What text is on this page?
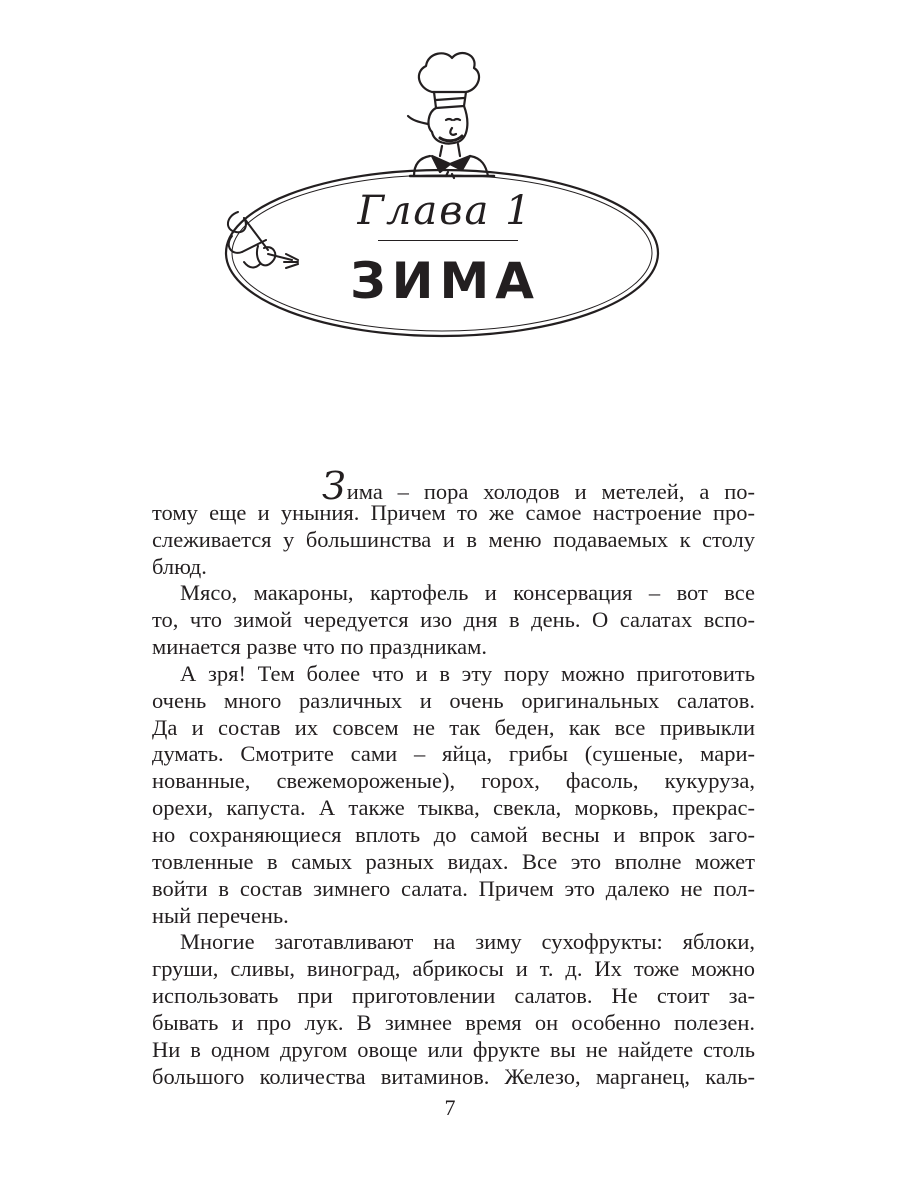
Глава 1
ЗИМА
Зима – пора холодов и метелей, а по-
тому еще и уныния. Причем то же самое настроение про-
слеживается у большинства и в меню подаваемых к столу
блюд.
Мясо, макароны, картофель и консервация – вот все
то, что зимой чередуется изо дня в день. О салатах вспо-
минается разве что по праздникам.
А зря! Тем более что и в эту пору можно приготовить
очень много различных и очень оригинальных салатов.
Да и состав их совсем не так беден, как все привыкли
думать. Смотрите сами – яйца, грибы (сушеные, мари-
нованные, свежемороженые), горох, фасоль, кукуруза,
орехи, капуста. А также тыква, свекла, морковь, прекрас-
но сохраняющиеся вплоть до самой весны и впрок заго-
товленные в самых разных видах. Все это вполне может
войти в состав зимнего салата. Причем это далеко не пол-
ный перечень.
Многие заготавливают на зиму сухофрукты: яблоки,
груши, сливы, виноград, абрикосы и т. д. Их тоже можно
использовать при приготовлении салатов. Не стоит за-
бывать и про лук. В зимнее время он особенно полезен.
Ни в одном другом овоще или фрукте вы не найдете столь
большого количества витаминов. Железо, марганец, каль-
7
